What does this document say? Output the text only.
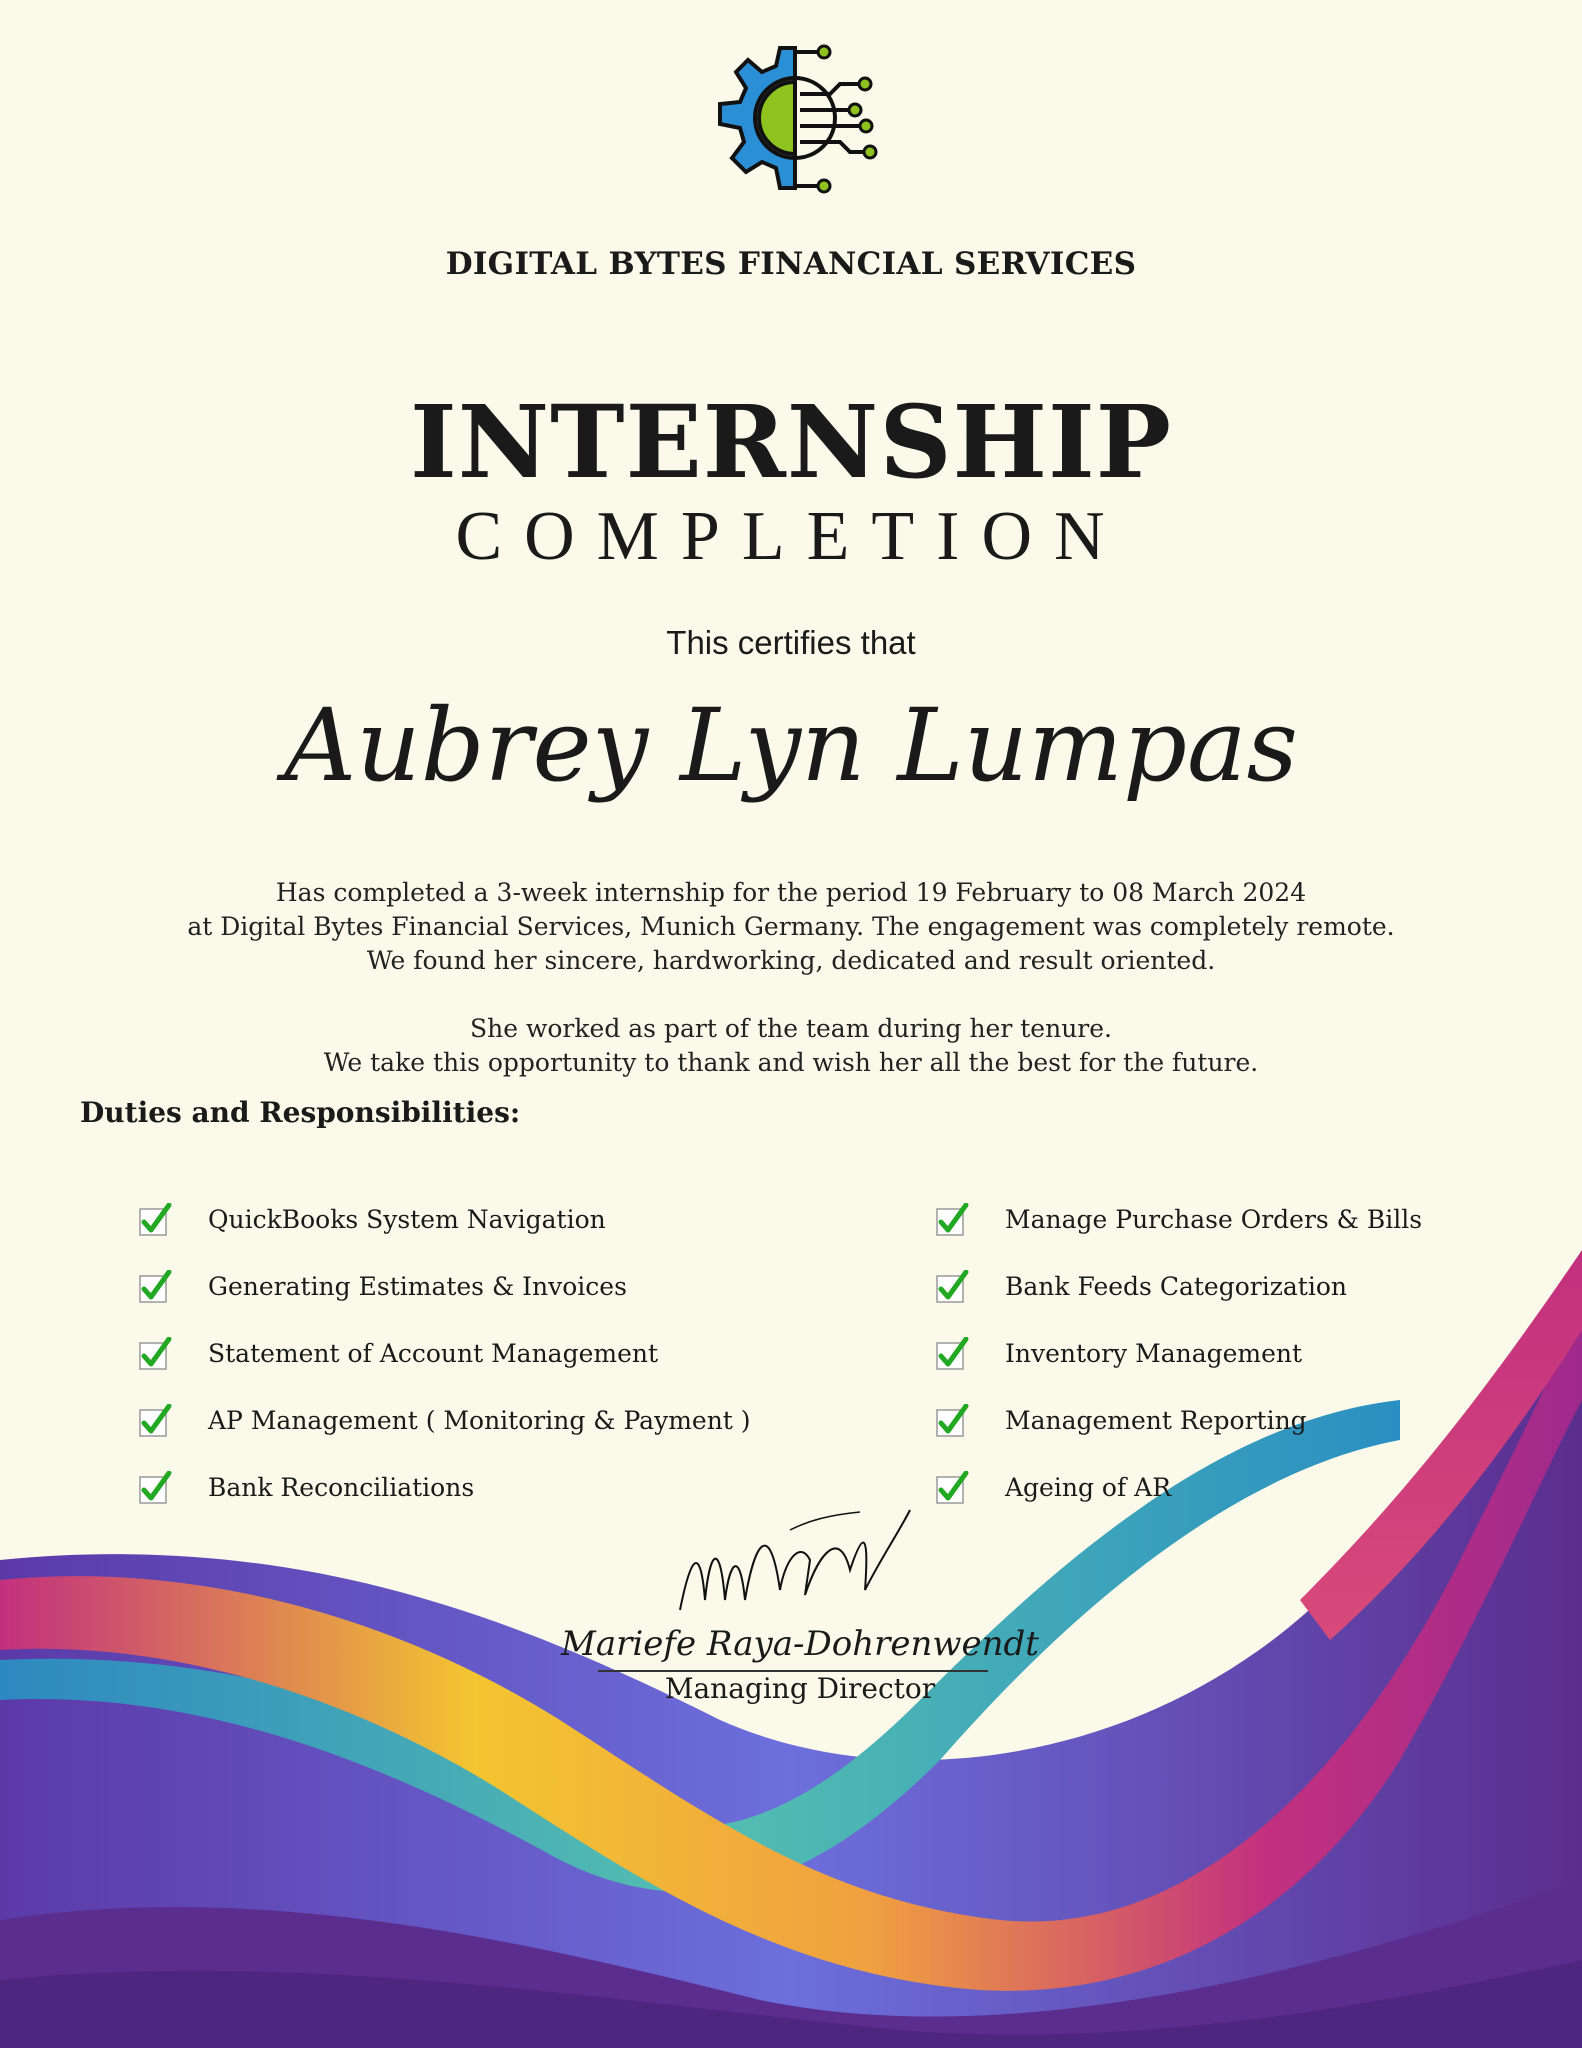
DIGITAL BYTES FINANCIAL SERVICES
INTERNSHIP
COMPLETION
This certifies that
Aubrey Lyn Lumpas
Has completed a 3-week internship for the period 19 February to 08 March 2024
at Digital Bytes Financial Services, Munich Germany. The engagement was completely remote.
We found her sincere, hardworking, dedicated and result oriented.
She worked as part of the team during her tenure.
We take this opportunity to thank and wish her all the best for the future.
Duties and Responsibilities:
QuickBooks System Navigation
Generating Estimates & Invoices
Statement of Account Management
AP Management ( Monitoring & Payment )
Bank Reconciliations
Manage Purchase Orders & Bills
Bank Feeds Categorization
Inventory Management
Management Reporting
Ageing of AR
Mariefe Raya-Dohrenwendt
Managing Director
